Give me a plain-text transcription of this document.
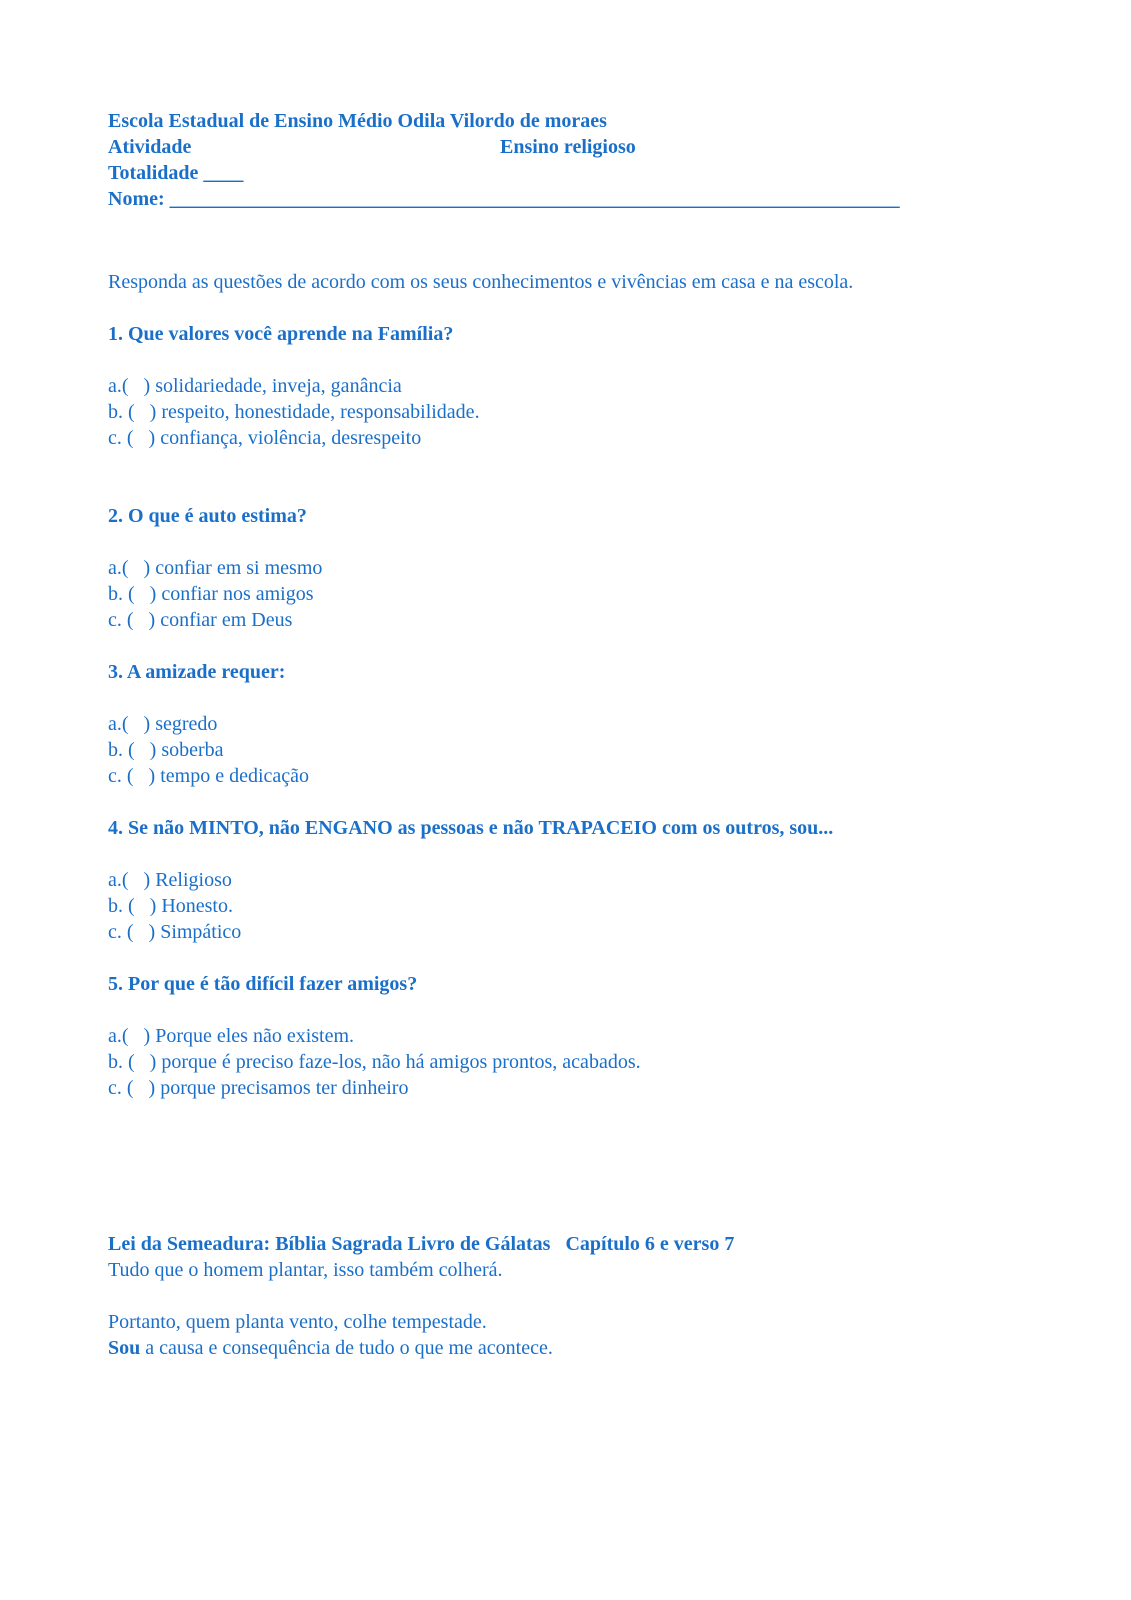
Escola Estadual de Ensino Médio Odila Vilordo de moraes
Atividade	Ensino religioso
Totalidade ____
Nome: _________________________________________________________________________
Responda as questões de acordo com os seus conhecimentos e vivências em casa e na escola.
1. Que valores você aprende na Família?
a.(   ) solidariedade, inveja, ganância
b. (   ) respeito, honestidade, responsabilidade.
c. (   ) confiança, violência, desrespeito
2. O que é auto estima?
a.(   ) confiar em si mesmo
b. (   ) confiar nos amigos
c. (   ) confiar em Deus
3. A amizade requer:
a.(   ) segredo
b. (   ) soberba
c. (   ) tempo e dedicação
4. Se não MINTO, não ENGANO as pessoas e não TRAPACEIO com os outros, sou...
a.(   ) Religioso
b. (   ) Honesto.
c. (   ) Simpático
5. Por que é tão difícil fazer amigos?
a.(   ) Porque eles não existem.
b. (   ) porque é preciso faze-los, não há amigos prontos, acabados.
c. (   ) porque precisamos ter dinheiro
Lei da Semeadura: Bíblia Sagrada Livro de Gálatas   Capítulo 6 e verso 7
Tudo que o homem plantar, isso também colherá.
Portanto, quem planta vento, colhe tempestade.
Sou a causa e consequência de tudo o que me acontece.
